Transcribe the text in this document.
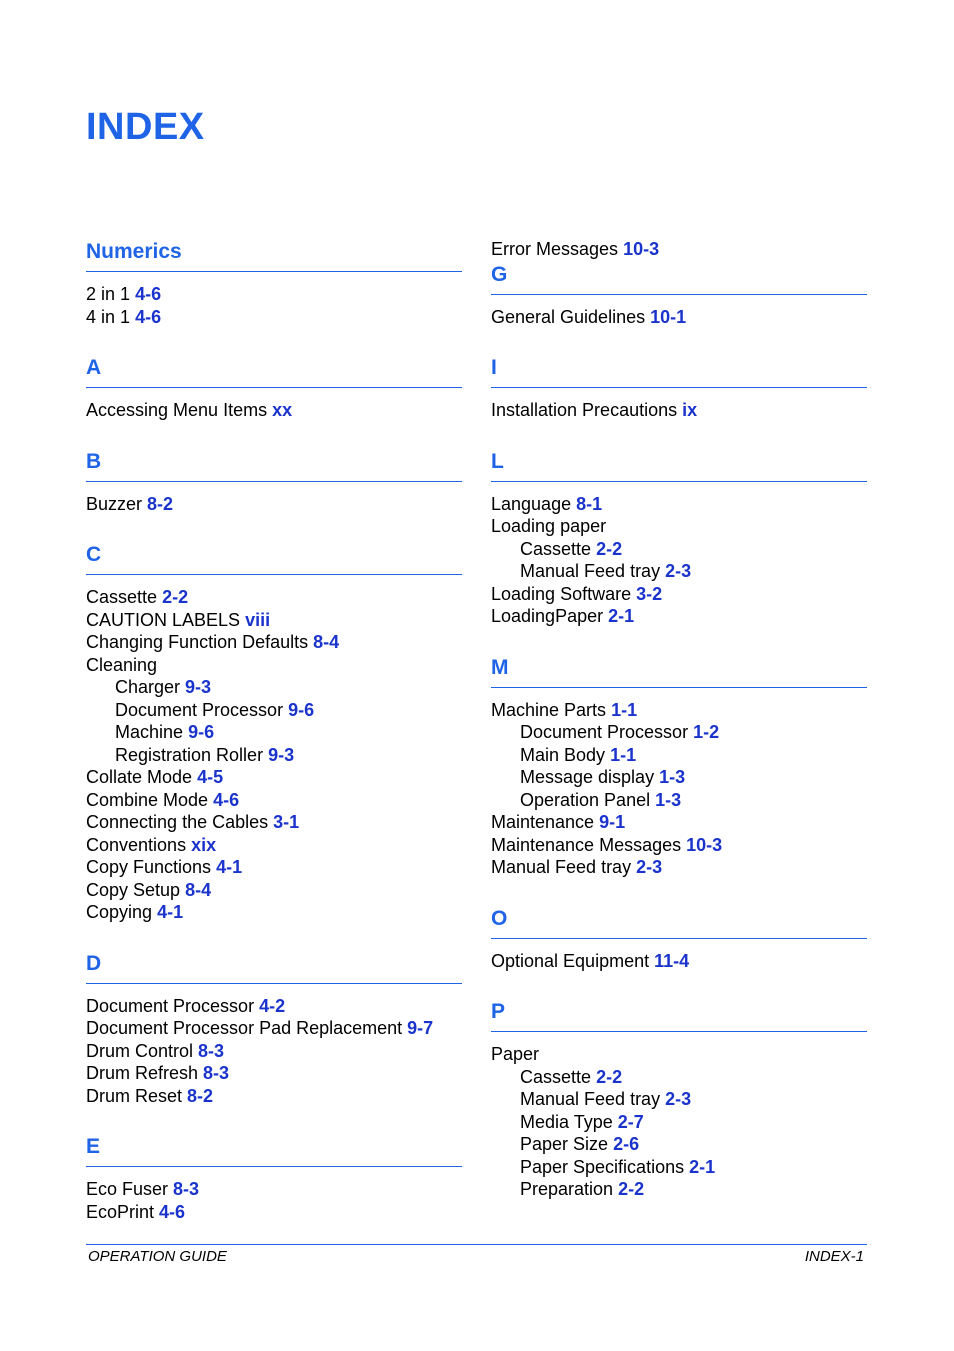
INDEX
Numerics
2 in 1 4-6
4 in 1 4-6
A
Accessing Menu Items xx
B
Buzzer 8-2
C
Cassette 2-2
CAUTION LABELS viii
Changing Function Defaults 8-4
Cleaning
Charger 9-3
Document Processor 9-6
Machine 9-6
Registration Roller 9-3
Collate Mode 4-5
Combine Mode 4-6
Connecting the Cables 3-1
Conventions xix
Copy Functions 4-1
Copy Setup 8-4
Copying 4-1
D
Document Processor 4-2
Document Processor Pad Replacement 9-7
Drum Control 8-3
Drum Refresh 8-3
Drum Reset 8-2
E
Eco Fuser 8-3
EcoPrint 4-6
Error Messages 10-3
G
General Guidelines 10-1
I
Installation Precautions ix
L
Language 8-1
Loading paper
Cassette 2-2
Manual Feed tray 2-3
Loading Software 3-2
LoadingPaper 2-1
M
Machine Parts 1-1
Document Processor 1-2
Main Body 1-1
Message display 1-3
Operation Panel 1-3
Maintenance 9-1
Maintenance Messages 10-3
Manual Feed tray 2-3
O
Optional Equipment 11-4
P
Paper
Cassette 2-2
Manual Feed tray 2-3
Media Type 2-7
Paper Size 2-6
Paper Specifications 2-1
Preparation 2-2
OPERATION GUIDE	INDEX-1
